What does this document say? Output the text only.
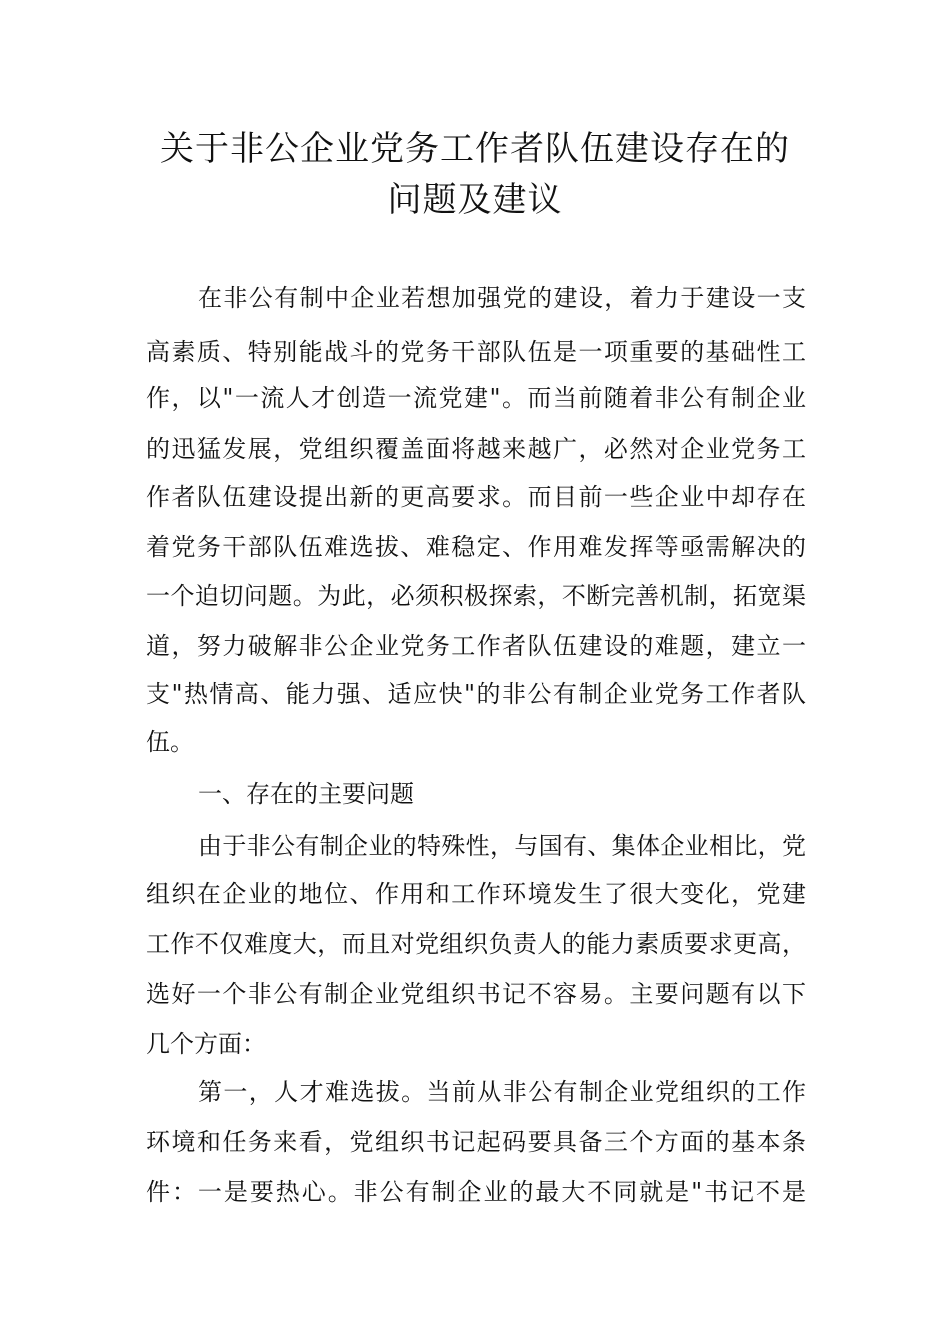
关于非公企业党务工作者队伍建设存在的
问题及建议
在非公有制中企业若想加强党的建设，着力于建设一支
高素质、特别能战斗的党务干部队伍是一项重要的基础性工
作，以"一流人才创造一流党建"。而当前随着非公有制企业
的迅猛发展，党组织覆盖面将越来越广，必然对企业党务工
作者队伍建设提出新的更高要求。而目前一些企业中却存在
着党务干部队伍难选拔、难稳定、作用难发挥等亟需解决的
一个迫切问题。为此，必须积极探索，不断完善机制，拓宽渠
道，努力破解非公企业党务工作者队伍建设的难题，建立一
支"热情高、能力强、适应快"的非公有制企业党务工作者队
伍。
一、存在的主要问题
由于非公有制企业的特殊性，与国有、集体企业相比，党
组织在企业的地位、作用和工作环境发生了很大变化，党建
工作不仅难度大，而且对党组织负责人的能力素质要求更高，
选好一个非公有制企业党组织书记不容易。主要问题有以下
几个方面：
第一，人才难选拔。当前从非公有制企业党组织的工作
环境和任务来看，党组织书记起码要具备三个方面的基本条
件：一是要热心。非公有制企业的最大不同就是"书记不是
